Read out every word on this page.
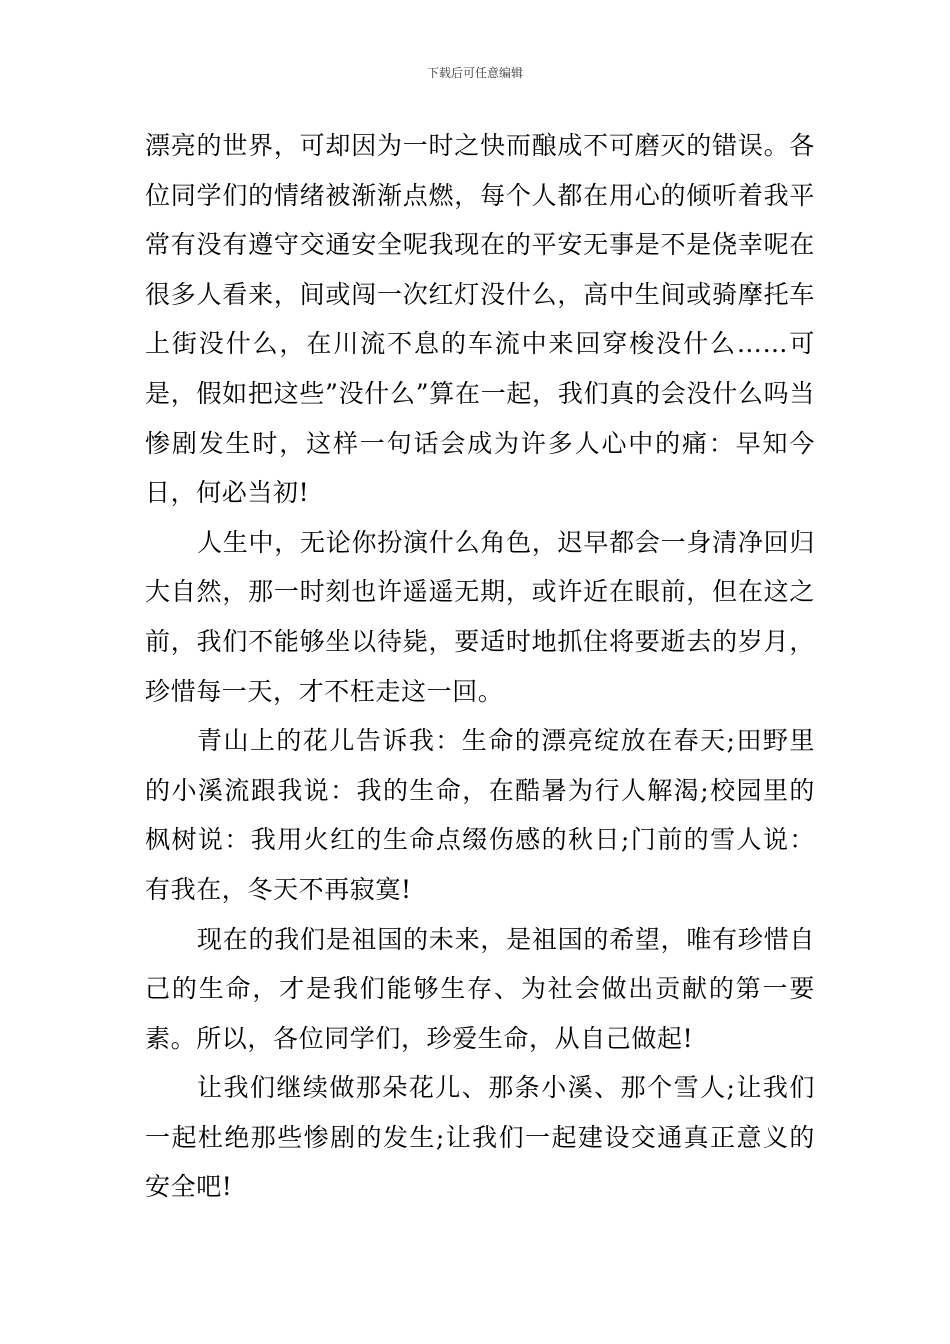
下载后可任意编辑

漂亮的世界，可却因为一时之快而酿成不可磨灭的错误。各位同学们的情绪被渐渐点燃，每个人都在用心的倾听着我平常有没有遵守交通安全呢我现在的平安无事是不是侥幸呢在很多人看来，间或闯一次红灯没什么，高中生间或骑摩托车上街没什么，在川流不息的车流中来回穿梭没什么……可是，假如把这些”没什么”算在一起，我们真的会没什么吗当惨剧发生时，这样一句话会成为许多人心中的痛：早知今日，何必当初!

人生中，无论你扮演什么角色，迟早都会一身清净回归大自然，那一时刻也许遥遥无期，或许近在眼前，但在这之前，我们不能够坐以待毙，要适时地抓住将要逝去的岁月，珍惜每一天，才不枉走这一回。

青山上的花儿告诉我：生命的漂亮绽放在春天;田野里的小溪流跟我说：我的生命，在酷暑为行人解渴;校园里的枫树说：我用火红的生命点缀伤感的秋日;门前的雪人说：有我在，冬天不再寂寞!

现在的我们是祖国的未来，是祖国的希望，唯有珍惜自己的生命，才是我们能够生存、为社会做出贡献的第一要素。所以，各位同学们，珍爱生命，从自己做起!

让我们继续做那朵花儿、那条小溪、那个雪人;让我们一起杜绝那些惨剧的发生;让我们一起建设交通真正意义的安全吧!
